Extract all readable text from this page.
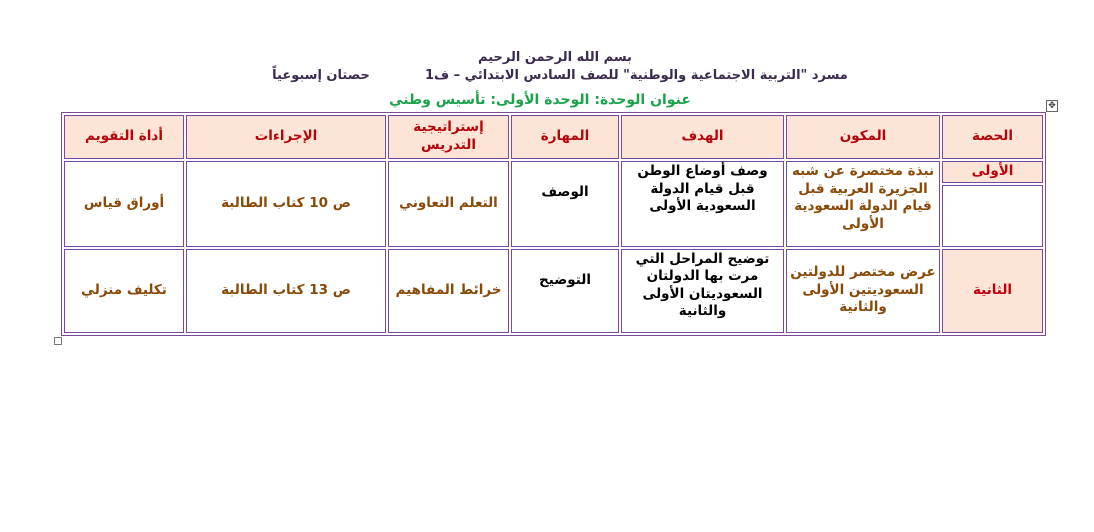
بسم الله الرحمن الرحيم
مسرد "التربية الاجتماعية والوطنية" للصف السادس الابتدائي – ف1  حصتان إسبوعياً
عنوان الوحدة: الوحدة الأولى: تأسيس وطني	✥
الحصة	المكون	الهدف	المهارة	إستراتيجية التدريس	الإجراءات	أداة التقويم
الأولى	نبذة مختصرة عن شبه الجزيرة العربية قبل قيام الدولة السعودية الأولى	وصف أوضاع الوطن قبل قيام الدولة السعودية الأولى	الوصف	التعلم التعاوني	ص 10 كتاب الطالبة	أوراق قياس

الثانية	عرض مختصر للدولتين السعوديتين الأولى والثانية	توضيح المراحل التي مرت بها الدولتان السعوديتان الأولى والثانية	التوضيح	خرائط المفاهيم	ص 13 كتاب الطالبة	تكليف منزلي
